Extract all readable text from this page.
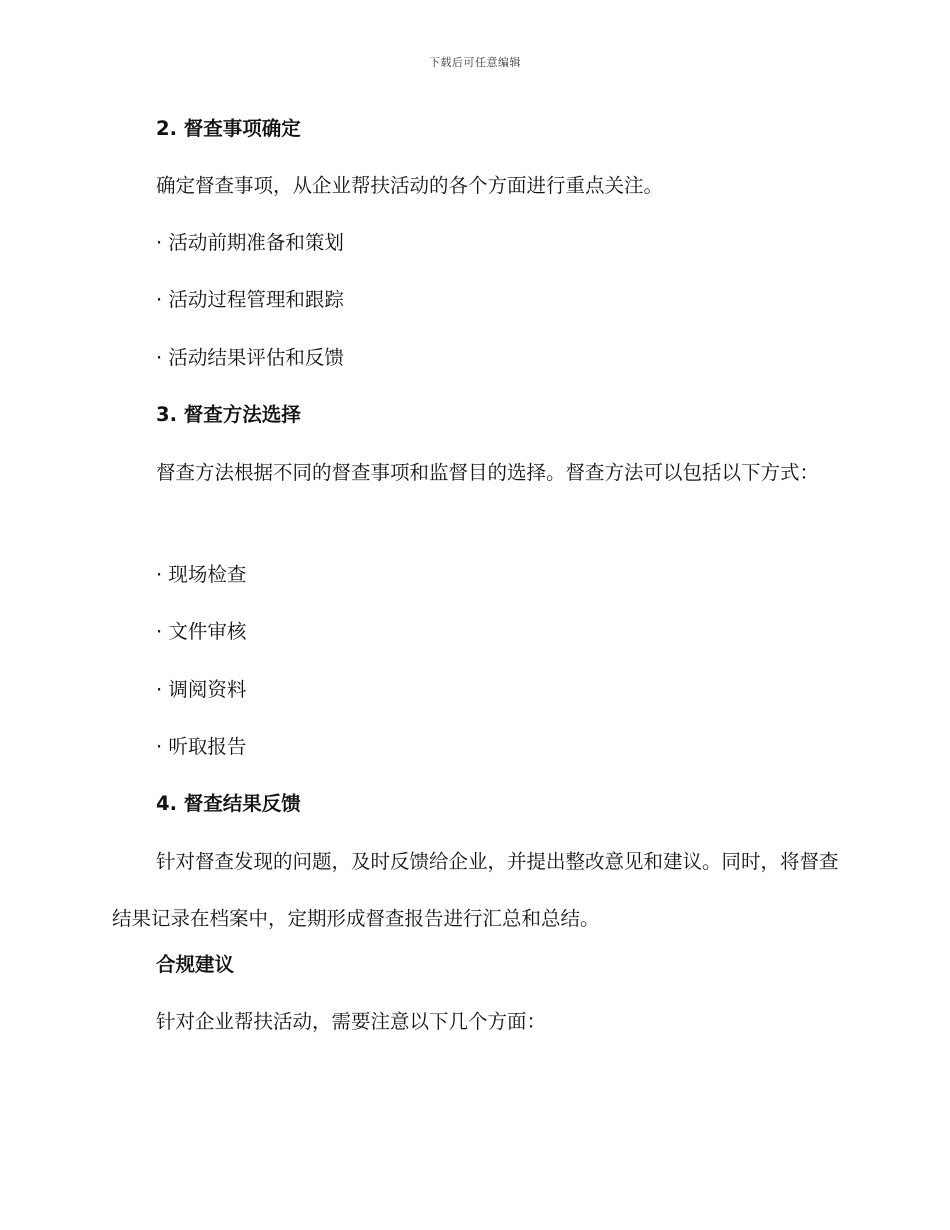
下载后可任意编辑
2. 督查事项确定
确定督查事项，从企业帮扶活动的各个方面进行重点关注。
· 活动前期准备和策划
· 活动过程管理和跟踪
· 活动结果评估和反馈
3. 督查方法选择

督查方法根据不同的督查事项和监督目的选择。督查方法可以包括以下方式：

· 现场检查
· 文件审核
· 调阅资料
· 听取报告
4. 督查结果反馈

针对督查发现的问题，及时反馈给企业，并提出整改意见和建议。同时，将督查结果记录在档案中，定期形成督查报告进行汇总和总结。

合规建议
针对企业帮扶活动，需要注意以下几个方面：
